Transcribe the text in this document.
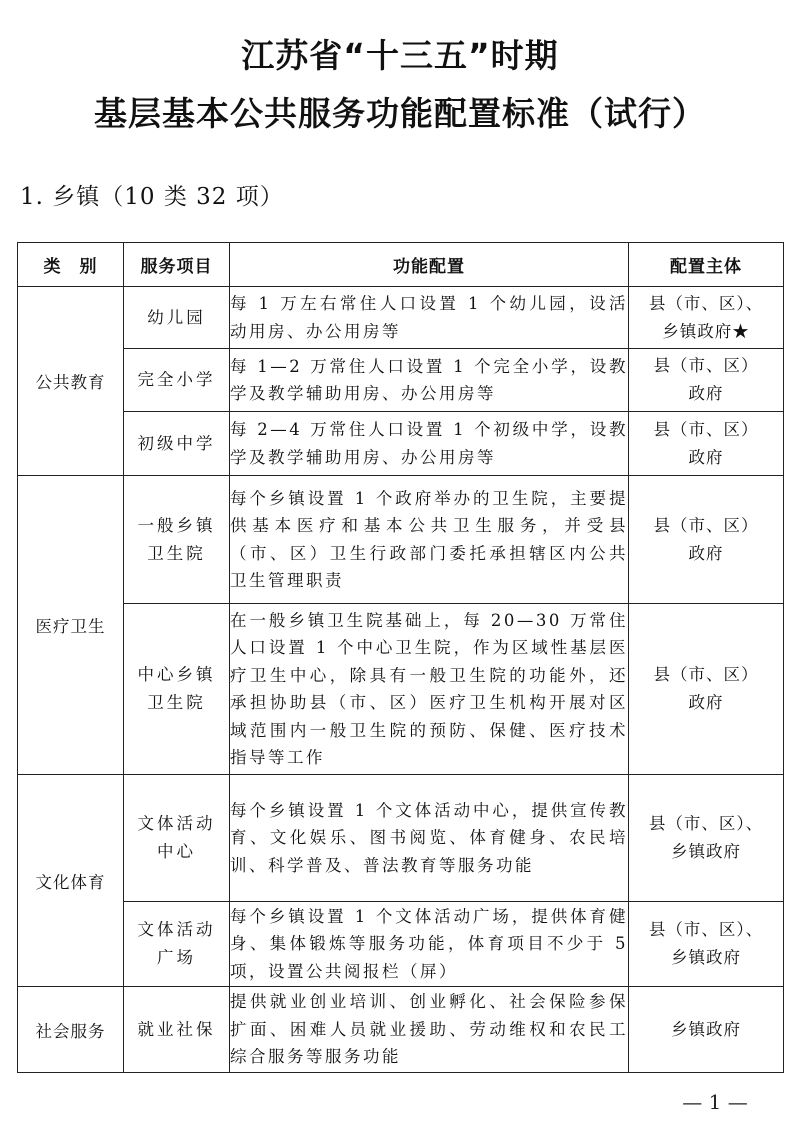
江苏省“十三五”时期
基层基本公共服务功能配置标准（试行）
1. 乡镇（10 类 32 项）
类　别	服务项目	功能配置	配置主体
公共教育	幼儿园	每 1 万左右常住人口设置 1 个幼儿园，设活动用房、办公用房等	县（市、区）、
乡镇政府★

	完全小学	每 1—2 万常住人口设置 1 个完全小学，设教学及教学辅助用房、办公用房等	县（市、区）
政府

	初级中学	每 2—4 万常住人口设置 1 个初级中学，设教学及教学辅助用房、办公用房等	县（市、区）
政府

医疗卫生	一般乡镇
卫生院	每个乡镇设置 1 个政府举办的卫生院，主要提供基本医疗和基本公共卫生服务，并受县（市、区）卫生行政部门委托承担辖区内公共卫生管理职责	县（市、区）
政府

	中心乡镇
卫生院	在一般乡镇卫生院基础上，每 20—30 万常住人口设置 1 个中心卫生院，作为区域性基层医疗卫生中心，除具有一般卫生院的功能外，还承担协助县（市、区）医疗卫生机构开展对区域范围内一般卫生院的预防、保健、医疗技术指导等工作	县（市、区）
政府

文化体育	文体活动
中心	每个乡镇设置 1 个文体活动中心，提供宣传教育、文化娱乐、图书阅览、体育健身、农民培训、科学普及、普法教育等服务功能	县（市、区）、
乡镇政府

	文体活动
广场	每个乡镇设置 1 个文体活动广场，提供体育健身、集体锻炼等服务功能，体育项目不少于 5 项，设置公共阅报栏（屏）	县（市、区）、
乡镇政府

社会服务	就业社保	提供就业创业培训、创业孵化、社会保险参保扩面、困难人员就业援助、劳动维权和农民工综合服务等服务功能	乡镇政府
— 1 —
